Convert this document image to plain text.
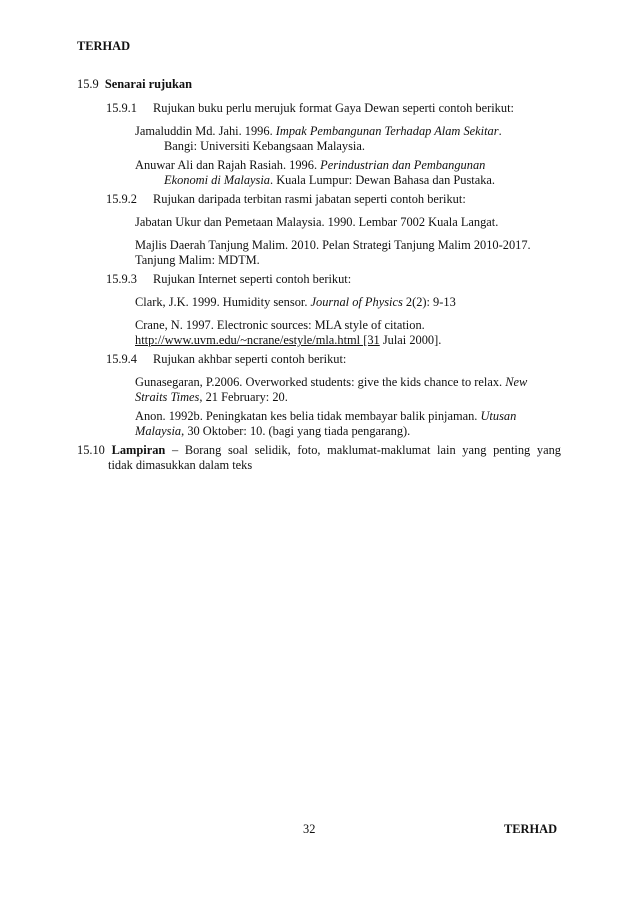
TERHAD
15.9 Senarai rujukan
15.9.1 Rujukan buku perlu merujuk format Gaya Dewan seperti contoh berikut:
Jamaluddin Md. Jahi. 1996. Impak Pembangunan Terhadap Alam Sekitar.
Bangi: Universiti Kebangsaan Malaysia.
Anuwar Ali dan Rajah Rasiah. 1996. Perindustrian dan Pembangunan
Ekonomi di Malaysia. Kuala Lumpur: Dewan Bahasa dan Pustaka.
15.9.2 Rujukan daripada terbitan rasmi jabatan seperti contoh berikut:
Jabatan Ukur dan Pemetaan Malaysia. 1990. Lembar 7002 Kuala Langat.
Majlis Daerah Tanjung Malim. 2010. Pelan Strategi Tanjung Malim 2010-2017.
Tanjung Malim: MDTM.
15.9.3 Rujukan Internet seperti contoh berikut:
Clark, J.K. 1999. Humidity sensor. Journal of Physics 2(2): 9-13
Crane, N. 1997. Electronic sources: MLA style of citation.
http://www.uvm.edu/~ncrane/estyle/mla.html [31 Julai 2000].
15.9.4 Rujukan akhbar seperti contoh berikut:
Gunasegaran, P.2006. Overworked students: give the kids chance to relax. New
Straits Times, 21 February: 20.
Anon. 1992b. Peningkatan kes belia tidak membayar balik pinjaman. Utusan
Malaysia, 30 Oktober: 10. (bagi yang tiada pengarang).
15.10 Lampiran – Borang soal selidik, foto, maklumat-maklumat lain yang penting yang
tidak dimasukkan dalam teks
32	TERHAD
